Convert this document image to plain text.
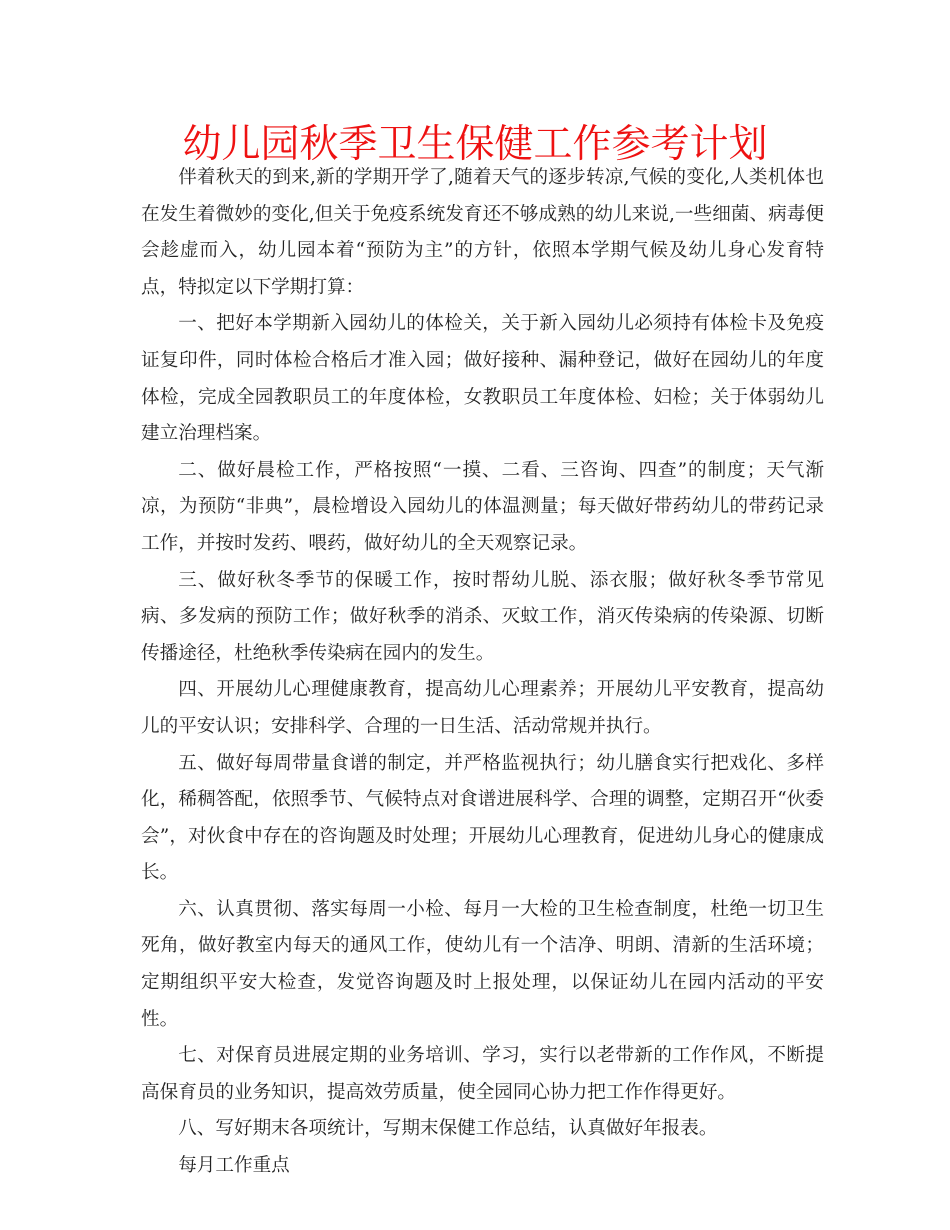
幼儿园秋季卫生保健工作参考计划

伴着秋天的到来,新的学期开学了,随着天气的逐步转凉,气候的变化,人类机体也在发生着微妙的变化,但关于免疫系统发育还不够成熟的幼儿来说,一些细菌、病毒便会趁虚而入，幼儿园本着“预防为主”的方针，依照本学期气候及幼儿身心发育特点，特拟定以下学期打算：

一、把好本学期新入园幼儿的体检关，关于新入园幼儿必须持有体检卡及免疫证复印件，同时体检合格后才准入园；做好接种、漏种登记，做好在园幼儿的年度体检，完成全园教职员工的年度体检，女教职员工年度体检、妇检；关于体弱幼儿建立治理档案。

二、做好晨检工作，严格按照“一摸、二看、三咨询、四查”的制度；天气渐凉，为预防“非典”，晨检增设入园幼儿的体温测量；每天做好带药幼儿的带药记录工作，并按时发药、喂药，做好幼儿的全天观察记录。

三、做好秋冬季节的保暖工作，按时帮幼儿脱、添衣服；做好秋冬季节常见病、多发病的预防工作；做好秋季的消杀、灭蚊工作，消灭传染病的传染源、切断传播途径，杜绝秋季传染病在园内的发生。

四、开展幼儿心理健康教育，提高幼儿心理素养；开展幼儿平安教育，提高幼儿的平安认识；安排科学、合理的一日生活、活动常规并执行。

五、做好每周带量食谱的制定，并严格监视执行；幼儿膳食实行把戏化、多样化，稀稠答配，依照季节、气候特点对食谱进展科学、合理的调整，定期召开“伙委会”，对伙食中存在的咨询题及时处理；开展幼儿心理教育，促进幼儿身心的健康成长。

六、认真贯彻、落实每周一小检、每月一大检的卫生检查制度，杜绝一切卫生死角，做好教室内每天的通风工作，使幼儿有一个洁净、明朗、清新的生活环境；定期组织平安大检查，发觉咨询题及时上报处理，以保证幼儿在园内活动的平安性。

七、对保育员进展定期的业务培训、学习，实行以老带新的工作作风，不断提高保育员的业务知识，提高效劳质量，使全园同心协力把工作作得更好。

八、写好期末各项统计，写期末保健工作总结，认真做好年报表。

每月工作重点
